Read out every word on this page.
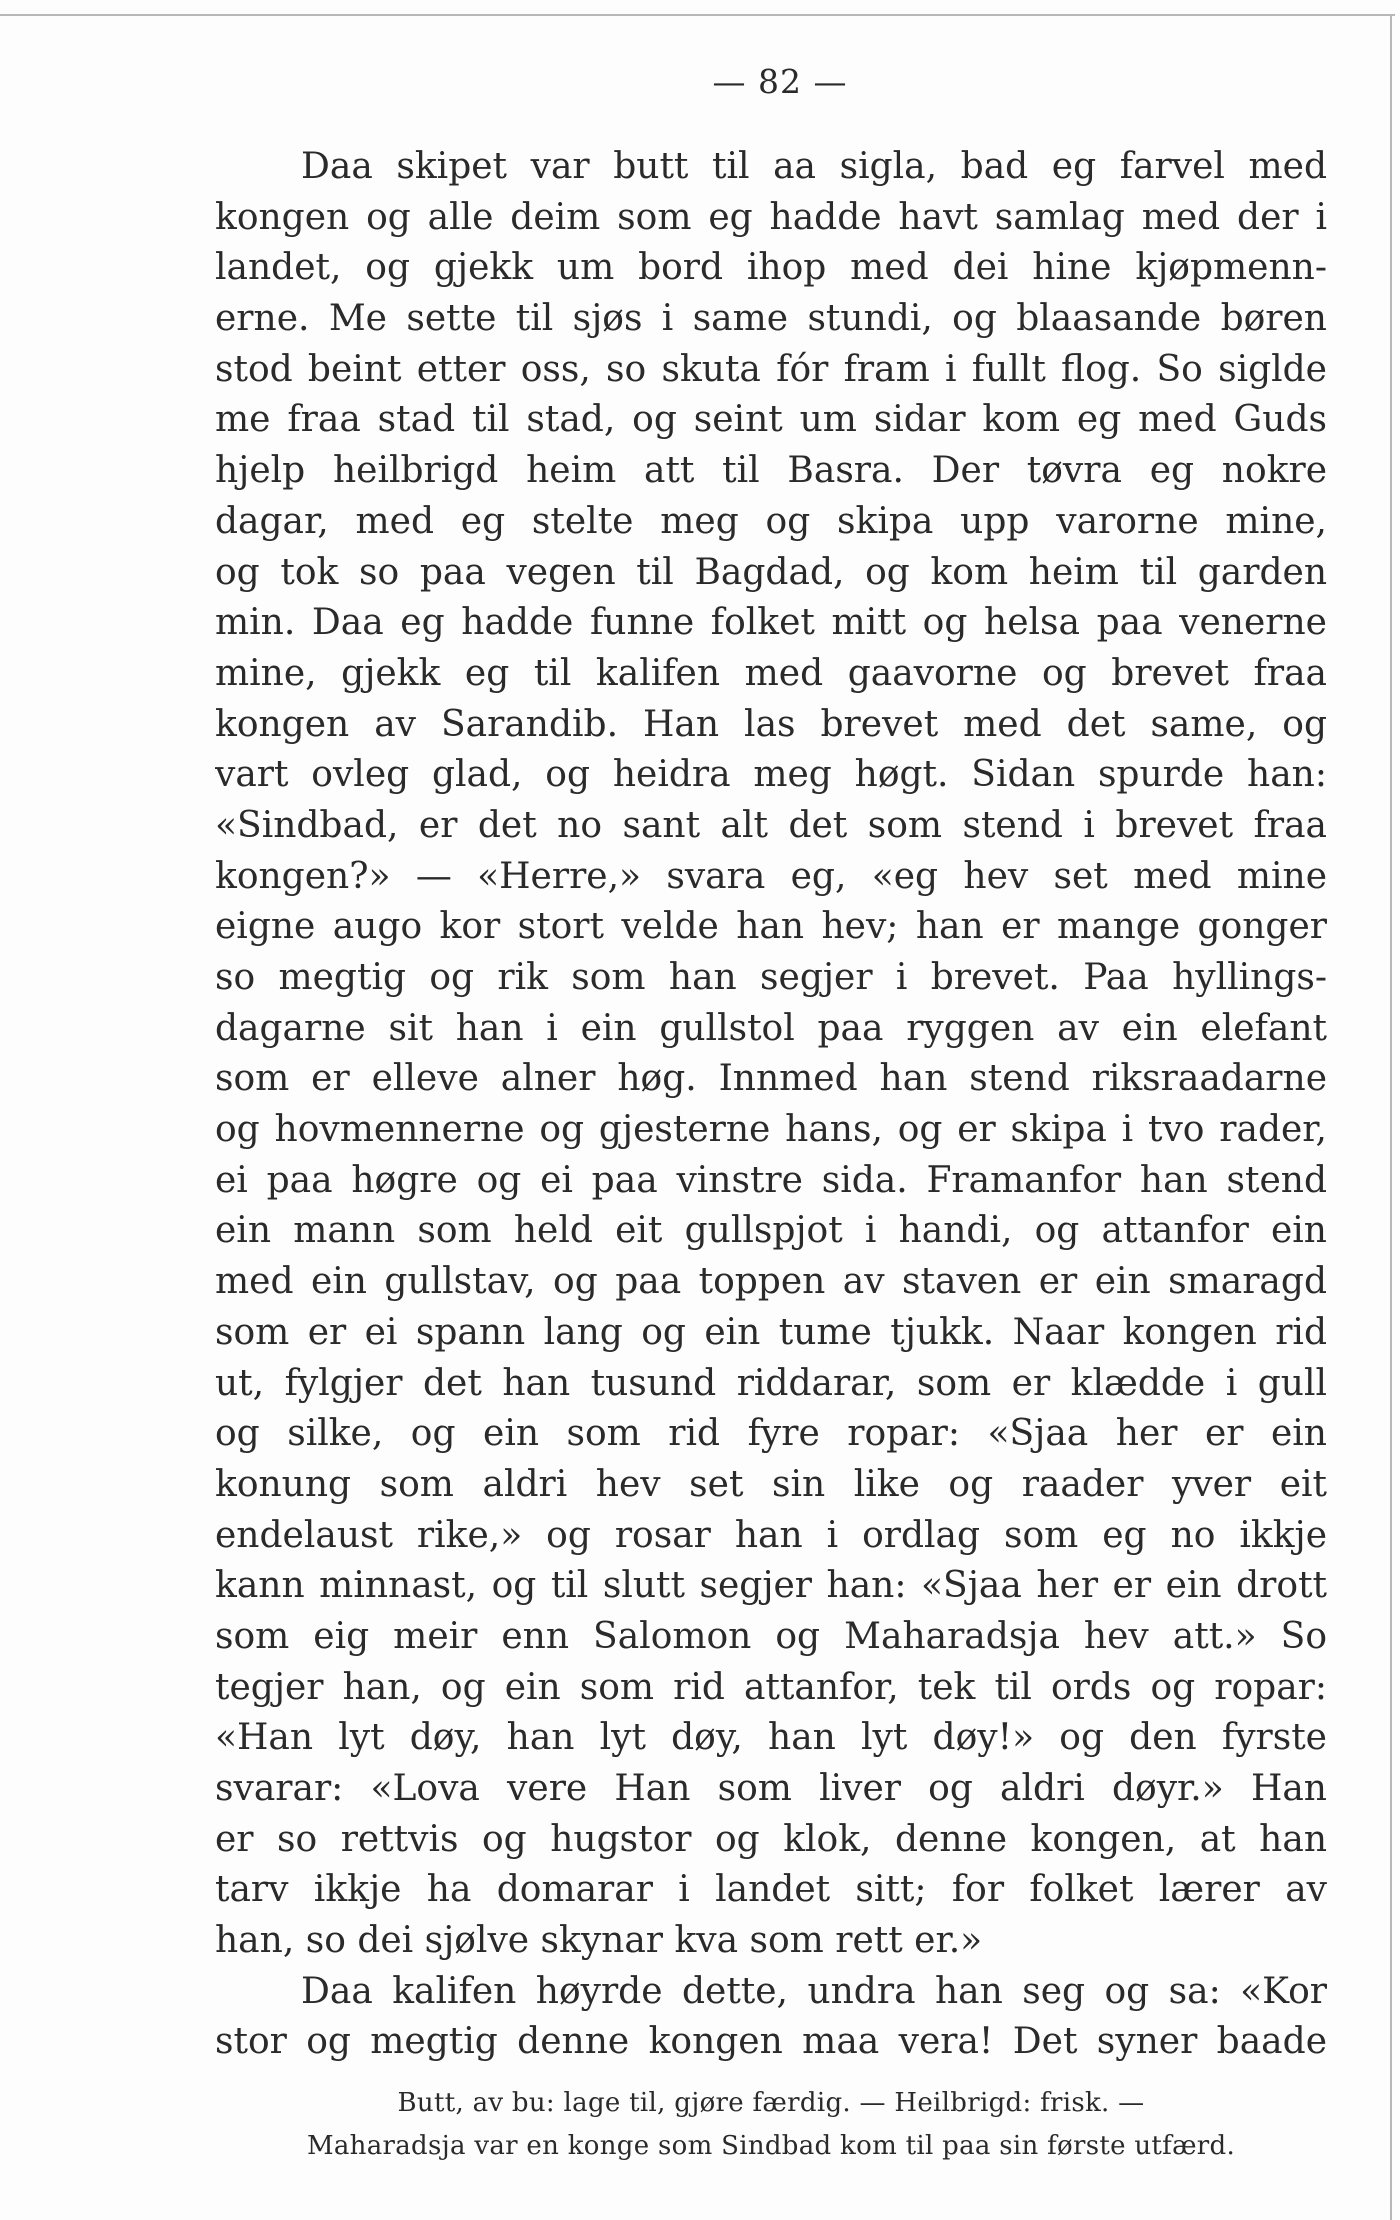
— 82 —
Daa skipet var butt til aa sigla, bad eg farvel med
kongen og alle deim som eg hadde havt samlag med der i
landet, og gjekk um bord ihop med dei hine kjøpmenn-
erne. Me sette til sjøs i same stundi, og blaasande børen
stod beint etter oss, so skuta fór fram i fullt flog. So siglde
me fraa stad til stad, og seint um sidar kom eg med Guds
hjelp heilbrigd heim att til Basra. Der tøvra eg nokre
dagar, med eg stelte meg og skipa upp varorne mine,
og tok so paa vegen til Bagdad, og kom heim til garden
min. Daa eg hadde funne folket mitt og helsa paa venerne
mine, gjekk eg til kalifen med gaavorne og brevet fraa
kongen av Sarandib. Han las brevet med det same, og
vart ovleg glad, og heidra meg høgt. Sidan spurde han:
«Sindbad, er det no sant alt det som stend i brevet fraa
kongen?» — «Herre,» svara eg, «eg hev set med mine
eigne augo kor stort velde han hev; han er mange gonger
so megtig og rik som han segjer i brevet. Paa hyllings-
dagarne sit han i ein gullstol paa ryggen av ein elefant
som er elleve alner høg. Innmed han stend riksraadarne
og hovmennerne og gjesterne hans, og er skipa i tvo rader,
ei paa høgre og ei paa vinstre sida. Framanfor han stend
ein mann som held eit gullspjot i handi, og attanfor ein
med ein gullstav, og paa toppen av staven er ein smaragd
som er ei spann lang og ein tume tjukk. Naar kongen rid
ut, fylgjer det han tusund riddarar, som er klædde i gull
og silke, og ein som rid fyre ropar: «Sjaa her er ein
konung som aldri hev set sin like og raader yver eit
endelaust rike,» og rosar han i ordlag som eg no ikkje
kann minnast, og til slutt segjer han: «Sjaa her er ein drott
som eig meir enn Salomon og Maharadsja hev att.» So
tegjer han, og ein som rid attanfor, tek til ords og ropar:
«Han lyt døy, han lyt døy, han lyt døy!» og den fyrste
svarar: «Lova vere Han som liver og aldri døyr.» Han
er so rettvis og hugstor og klok, denne kongen, at han
tarv ikkje ha domarar i landet sitt; for folket lærer av
han, so dei sjølve skynar kva som rett er.»
Daa kalifen høyrde dette, undra han seg og sa: «Kor
stor og megtig denne kongen maa vera! Det syner baade
Butt, av bu: lage til, gjøre færdig. — Heilbrigd: frisk. —
Maharadsja var en konge som Sindbad kom til paa sin første utfærd.
